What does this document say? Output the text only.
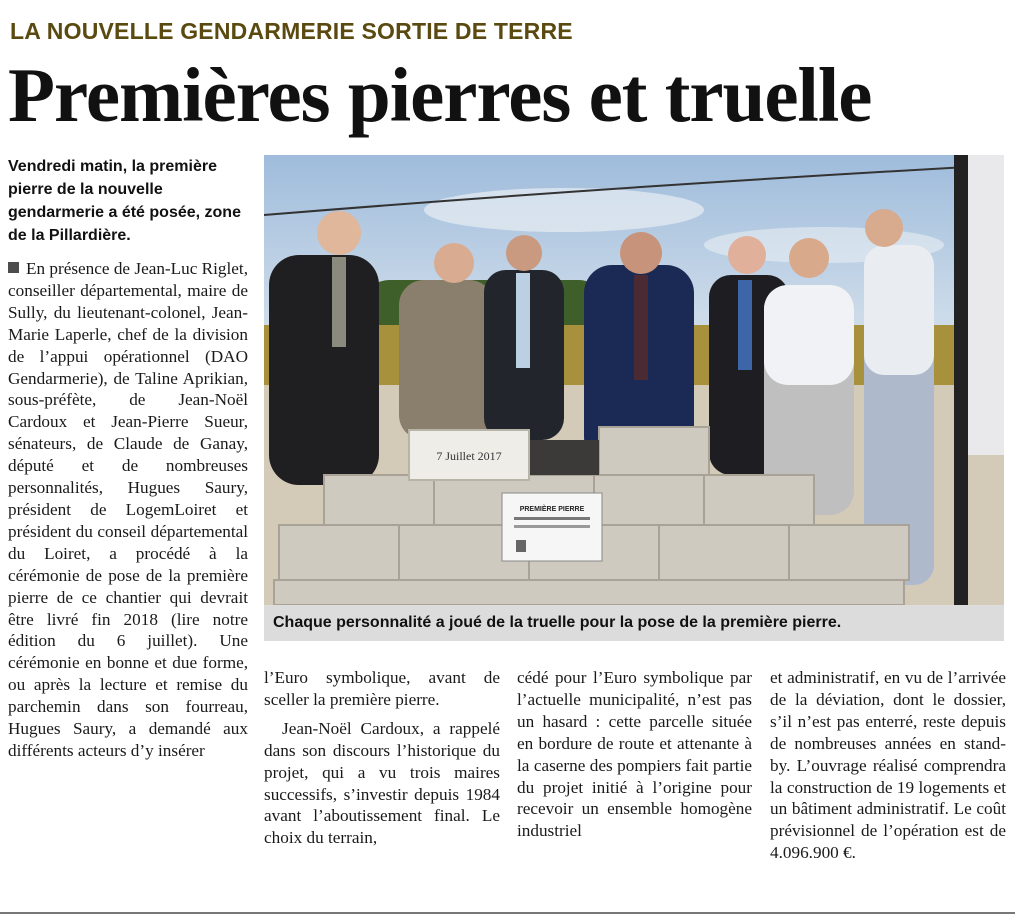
LA NOUVELLE GENDARMERIE SORTIE DE TERRE
Premières pierres et truelle
Vendredi matin, la première pierre de la nouvelle gendarmerie a été posée, zone de la Pillardière.
7 Juillet 2017
PREMIÈRE PIERRE
Chaque personnalité a joué de la truelle pour la pose de la première pierre.

En présence de Jean-Luc Riglet, conseiller départemental, maire de Sully, du lieutenant-colonel, Jean-Marie Laperle, chef de la division de l’appui opérationnel (DAO Gendarmerie), de Taline Aprikian, sous-préfète, de Jean-Noël Cardoux et Jean-Pierre Sueur, sénateurs, de Claude de Ganay, député et de nombreuses personnalités, Hugues Saury, président de LogemLoiret et président du conseil départemental du Loiret, a procédé à la cérémonie de pose de la première pierre de ce chantier qui devrait être livré fin 2018 (lire notre édition du 6 juillet). Une cérémonie en bonne et due forme, ou après la lecture et remise du parchemin dans son fourreau, Hugues Saury, a demandé aux différents acteurs d’y insérer

l’Euro symbolique, avant de sceller la première pierre.

Jean-Noël Cardoux, a rappelé dans son discours l’historique du projet, qui a vu trois maires successifs, s’investir depuis 1984 avant l’aboutissement final. Le choix du terrain,

cédé pour l’Euro symbolique par l’actuelle municipalité, n’est pas un hasard : cette parcelle située en bordure de route et attenante à la caserne des pompiers fait partie du projet initié à l’origine pour recevoir un ensemble homogène industriel

et administratif, en vu de l’arrivée de la déviation, dont le dossier, s’il n’est pas enterré, reste depuis de nombreuses années en stand-by. L’ouvrage réalisé comprendra la construction de 19 logements et un bâtiment administratif. Le coût prévisionnel de l’opération est de 4.096.900 €.
